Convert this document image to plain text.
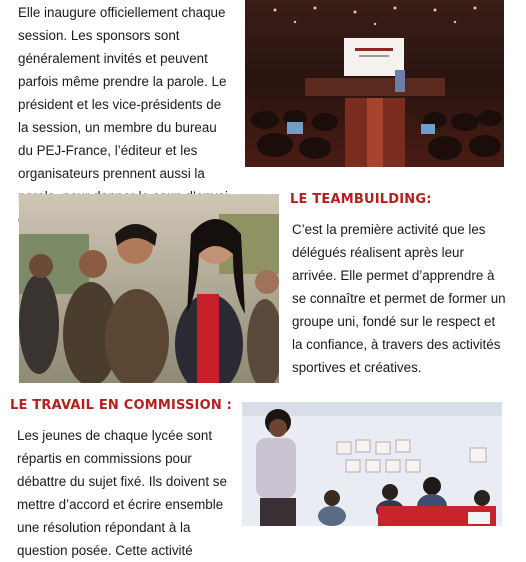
Elle inaugure officiellement chaque
session. Les sponsors sont
généralement invités et peuvent
parfois même prendre la parole. Le
président et les vice-présidents de
la session, un membre du bureau
du PEJ-France, l’éditeur et les
organisateurs prennent aussi la

LE TEAMBUILDING:

C’est la première activité que les
délégués réalisent après leur
arrivée. Elle permet d’apprendre à
se connaître et permet de former un
groupe uni, fondé sur le respect et
la confiance, à travers des activités
sportives et créatives.

LE TRAVAIL EN COMMISSION :

Les jeunes de chaque lycée sont
répartis en commissions pour
débattre du sujet fixé. Ils doivent se
mettre d’accord et écrire ensemble
une résolution répondant à la
question posée. Cette activité
